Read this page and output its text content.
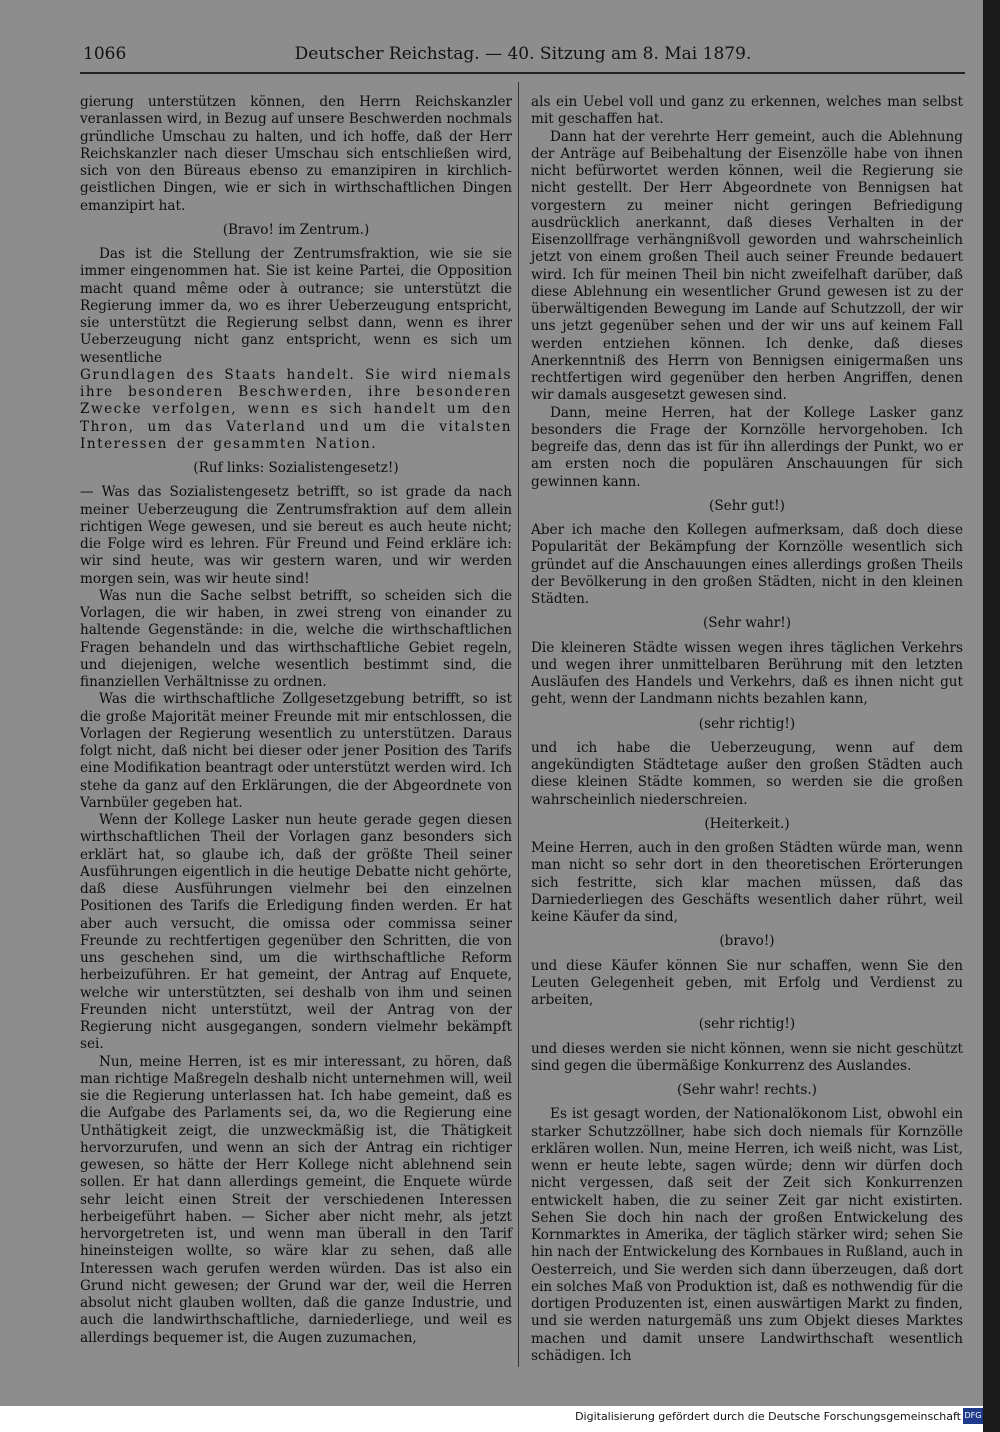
1066	Deutscher Reichstag. — 40. Sitzung am 8. Mai 1879.

gierung unterstützen können, den Herrn Reichskanzler veranlassen wird, in Bezug auf unsere Beschwerden nochmals gründliche Umschau zu halten, und ich hoffe, daß der Herr Reichskanzler nach dieser Umschau sich entschließen wird, sich von den Büreaus ebenso zu emanzipiren in kirchlich-geistlichen Dingen, wie er sich in wirthschaftlichen Dingen emanzipirt hat.

(Bravo! im Zentrum.)

Das ist die Stellung der Zentrumsfraktion, wie sie sie immer eingenommen hat. Sie ist keine Partei, die Opposition macht quand même oder à outrance; sie unterstützt die Regierung immer da, wo es ihrer Ueberzeugung entspricht, sie unterstützt die Regierung selbst dann, wenn es ihrer Ueberzeugung nicht ganz entspricht, wenn es sich um wesentliche

Grundlagen des Staats handelt. Sie wird niemals ihre besonderen Beschwerden, ihre besonderen Zwecke verfolgen, wenn es sich handelt um den Thron, um das Vaterland und um die vitalsten Interessen der gesammten Nation.

(Ruf links: Sozialistengesetz!)

— Was das Sozialistengesetz betrifft, so ist grade da nach meiner Ueberzeugung die Zentrumsfraktion auf dem allein richtigen Wege gewesen, und sie bereut es auch heute nicht; die Folge wird es lehren. Für Freund und Feind erkläre ich: wir sind heute, was wir gestern waren, und wir werden morgen sein, was wir heute sind!

Was nun die Sache selbst betrifft, so scheiden sich die Vorlagen, die wir haben, in zwei streng von einander zu haltende Gegenstände: in die, welche die wirthschaftlichen Fragen behandeln und das wirthschaftliche Gebiet regeln, und diejenigen, welche wesentlich bestimmt sind, die finanziellen Verhältnisse zu ordnen.

Was die wirthschaftliche Zollgesetzgebung betrifft, so ist die große Majorität meiner Freunde mit mir entschlossen, die Vorlagen der Regierung wesentlich zu unterstützen. Daraus folgt nicht, daß nicht bei dieser oder jener Position des Tarifs eine Modifikation beantragt oder unterstützt werden wird. Ich stehe da ganz auf den Erklärungen, die der Abgeordnete von Varnbüler gegeben hat.

Wenn der Kollege Lasker nun heute gerade gegen diesen wirthschaftlichen Theil der Vorlagen ganz besonders sich erklärt hat, so glaube ich, daß der größte Theil seiner Ausführungen eigentlich in die heutige Debatte nicht gehörte, daß diese Ausführungen vielmehr bei den einzelnen Positionen des Tarifs die Erledigung finden werden. Er hat aber auch versucht, die omissa oder commissa seiner Freunde zu rechtfertigen gegenüber den Schritten, die von uns geschehen sind, um die wirthschaftliche Reform herbeizuführen. Er hat gemeint, der Antrag auf Enquete, welche wir unterstützten, sei deshalb von ihm und seinen Freunden nicht unterstützt, weil der Antrag von der Regierung nicht ausgegangen, sondern vielmehr bekämpft sei.

Nun, meine Herren, ist es mir interessant, zu hören, daß man richtige Maßregeln deshalb nicht unternehmen will, weil sie die Regierung unterlassen hat. Ich habe gemeint, daß es die Aufgabe des Parlaments sei, da, wo die Regierung eine Unthätigkeit zeigt, die unzweckmäßig ist, die Thätigkeit hervorzurufen, und wenn an sich der Antrag ein richtiger gewesen, so hätte der Herr Kollege nicht ablehnend sein sollen. Er hat dann allerdings gemeint, die Enquete würde sehr leicht einen Streit der verschiedenen Interessen herbeigeführt haben. — Sicher aber nicht mehr, als jetzt hervorgetreten ist, und wenn man überall in den Tarif hineinsteigen wollte, so wäre klar zu sehen, daß alle Interessen wach gerufen werden würden. Das ist also ein Grund nicht gewesen; der Grund war der, weil die Herren absolut nicht glauben wollten, daß die ganze Industrie, und auch die landwirthschaftliche, darniederliege, und weil es allerdings bequemer ist, die Augen zuzumachen,

als ein Uebel voll und ganz zu erkennen, welches man selbst mit geschaffen hat.

Dann hat der verehrte Herr gemeint, auch die Ablehnung der Anträge auf Beibehaltung der Eisenzölle habe von ihnen nicht befürwortet werden können, weil die Regierung sie nicht gestellt. Der Herr Abgeordnete von Bennigsen hat vorgestern zu meiner nicht geringen Befriedigung ausdrücklich anerkannt, daß dieses Verhalten in der Eisenzollfrage verhängnißvoll geworden und wahrscheinlich jetzt von einem großen Theil auch seiner Freunde bedauert wird. Ich für meinen Theil bin nicht zweifelhaft darüber, daß diese Ablehnung ein wesentlicher Grund gewesen ist zu der überwältigenden Bewegung im Lande auf Schutzzoll, der wir uns jetzt gegenüber sehen und der wir uns auf keinem Fall werden entziehen können. Ich denke, daß dieses Anerkenntniß des Herrn von Bennigsen einigermaßen uns rechtfertigen wird gegenüber den herben Angriffen, denen wir damals ausgesetzt gewesen sind.

Dann, meine Herren, hat der Kollege Lasker ganz besonders die Frage der Kornzölle hervorgehoben. Ich begreife das, denn das ist für ihn allerdings der Punkt, wo er am ersten noch die populären Anschauungen für sich gewinnen kann.

(Sehr gut!)

Aber ich mache den Kollegen aufmerksam, daß doch diese Popularität der Bekämpfung der Kornzölle wesentlich sich gründet auf die Anschauungen eines allerdings großen Theils der Bevölkerung in den großen Städten, nicht in den kleinen Städten.

(Sehr wahr!)

Die kleineren Städte wissen wegen ihres täglichen Verkehrs und wegen ihrer unmittelbaren Berührung mit den letzten Ausläufen des Handels und Verkehrs, daß es ihnen nicht gut geht, wenn der Landmann nichts bezahlen kann,

(sehr richtig!)

und ich habe die Ueberzeugung, wenn auf dem angekündigten Städtetage außer den großen Städten auch diese kleinen Städte kommen, so werden sie die großen wahrscheinlich niederschreien.

(Heiterkeit.)

Meine Herren, auch in den großen Städten würde man, wenn man nicht so sehr dort in den theoretischen Erörterungen sich festritte, sich klar machen müssen, daß das Darniederliegen des Geschäfts wesentlich daher rührt, weil keine Käufer da sind,

(bravo!)

und diese Käufer können Sie nur schaffen, wenn Sie den Leuten Gelegenheit geben, mit Erfolg und Verdienst zu arbeiten,

(sehr richtig!)

und dieses werden sie nicht können, wenn sie nicht geschützt sind gegen die übermäßige Konkurrenz des Auslandes.

(Sehr wahr! rechts.)

Es ist gesagt worden, der Nationalökonom List, obwohl ein starker Schutzzöllner, habe sich doch niemals für Kornzölle erklären wollen. Nun, meine Herren, ich weiß nicht, was List, wenn er heute lebte, sagen würde; denn wir dürfen doch nicht vergessen, daß seit der Zeit sich Konkurrenzen entwickelt haben, die zu seiner Zeit gar nicht existirten. Sehen Sie doch hin nach der großen Entwickelung des Kornmarktes in Amerika, der täglich stärker wird; sehen Sie hin nach der Entwickelung des Kornbaues in Rußland, auch in Oesterreich, und Sie werden sich dann überzeugen, daß dort ein solches Maß von Produktion ist, daß es nothwendig für die dortigen Produzenten ist, einen auswärtigen Markt zu finden, und sie werden naturgemäß uns zum Objekt dieses Marktes machen und damit unsere Landwirthschaft wesentlich schädigen. Ich

Digitalisierung gefördert durch die Deutsche Forschungsgemeinschaft DFG
